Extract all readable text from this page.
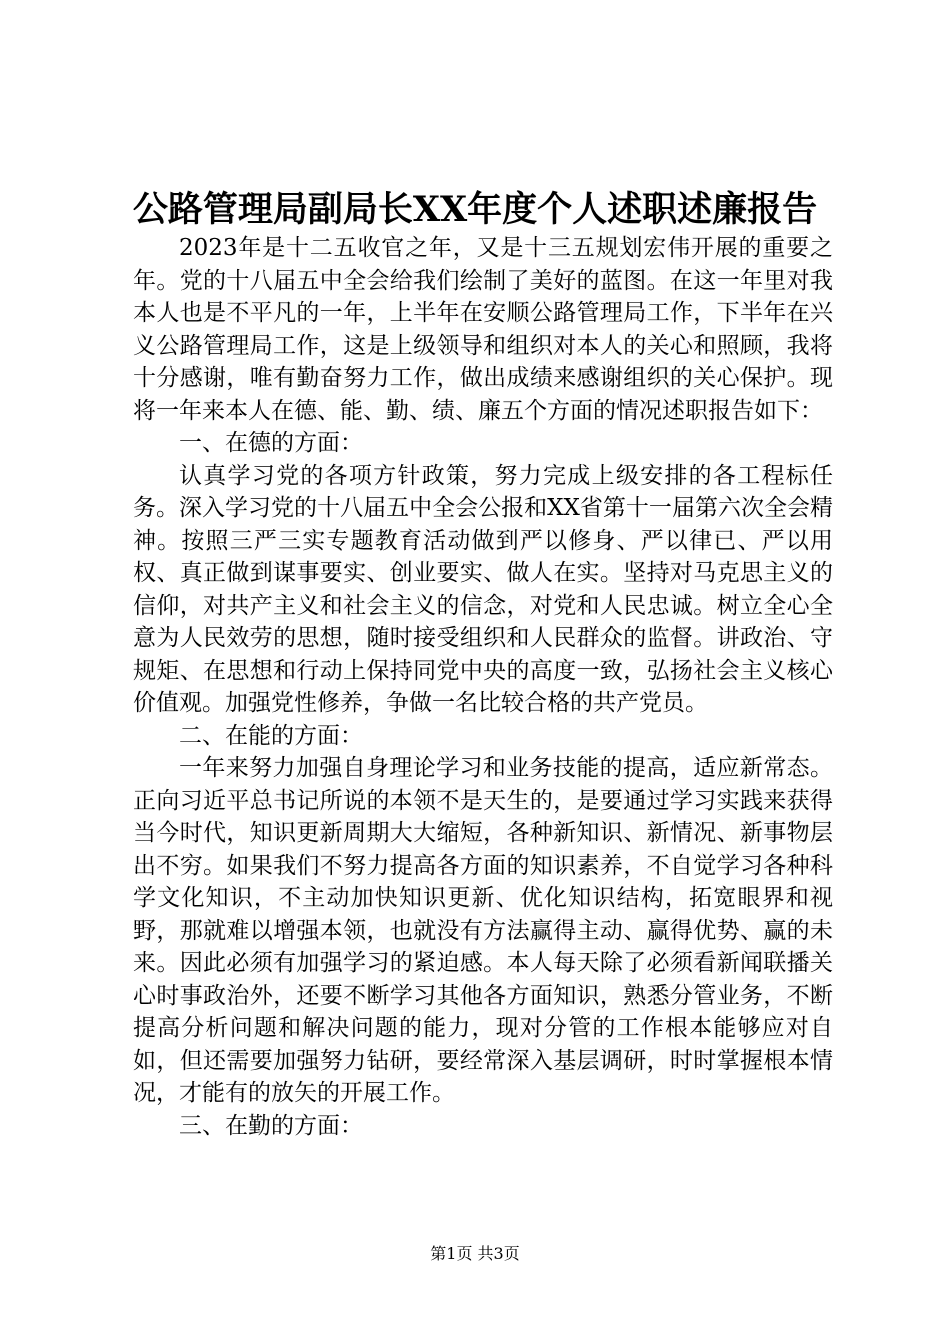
公路管理局副局长XX年度个人述职述廉报告

2023年是十二五收官之年，又是十三五规划宏伟开展的重要之年。党的十八届五中全会给我们绘制了美好的蓝图。在这一年里对我本人也是不平凡的一年，上半年在安顺公路管理局工作，下半年在兴义公路管理局工作，这是上级领导和组织对本人的关心和照顾，我将十分感谢，唯有勤奋努力工作，做出成绩来感谢组织的关心保护。现将一年来本人在德、能、勤、绩、廉五个方面的情况述职报告如下：

一、在德的方面：

认真学习党的各项方针政策，努力完成上级安排的各工程标任务。深入学习党的十八届五中全会公报和XX省第十一届第六次全会精神。按照三严三实专题教育活动做到严以修身、严以律已、严以用权、真正做到谋事要实、创业要实、做人在实。坚持对马克思主义的信仰，对共产主义和社会主义的信念，对党和人民忠诚。树立全心全意为人民效劳的思想，随时接受组织和人民群众的监督。讲政治、守规矩、在思想和行动上保持同党中央的高度一致，弘扬社会主义核心价值观。加强党性修养，争做一名比较合格的共产党员。

二、在能的方面：

一年来努力加强自身理论学习和业务技能的提高，适应新常态。正向习近平总书记所说的本领不是天生的，是要通过学习实践来获得当今时代，知识更新周期大大缩短，各种新知识、新情况、新事物层出不穷。如果我们不努力提高各方面的知识素养，不自觉学习各种科学文化知识，不主动加快知识更新、优化知识结构，拓宽眼界和视野，那就难以增强本领，也就没有方法赢得主动、赢得优势、赢的未来。因此必须有加强学习的紧迫感。本人每天除了必须看新闻联播关心时事政治外，还要不断学习其他各方面知识，熟悉分管业务，不断提高分析问题和解决问题的能力，现对分管的工作根本能够应对自如，但还需要加强努力钻研，要经常深入基层调研，时时掌握根本情况，才能有的放矢的开展工作。

三、在勤的方面：

第1页 共3页
